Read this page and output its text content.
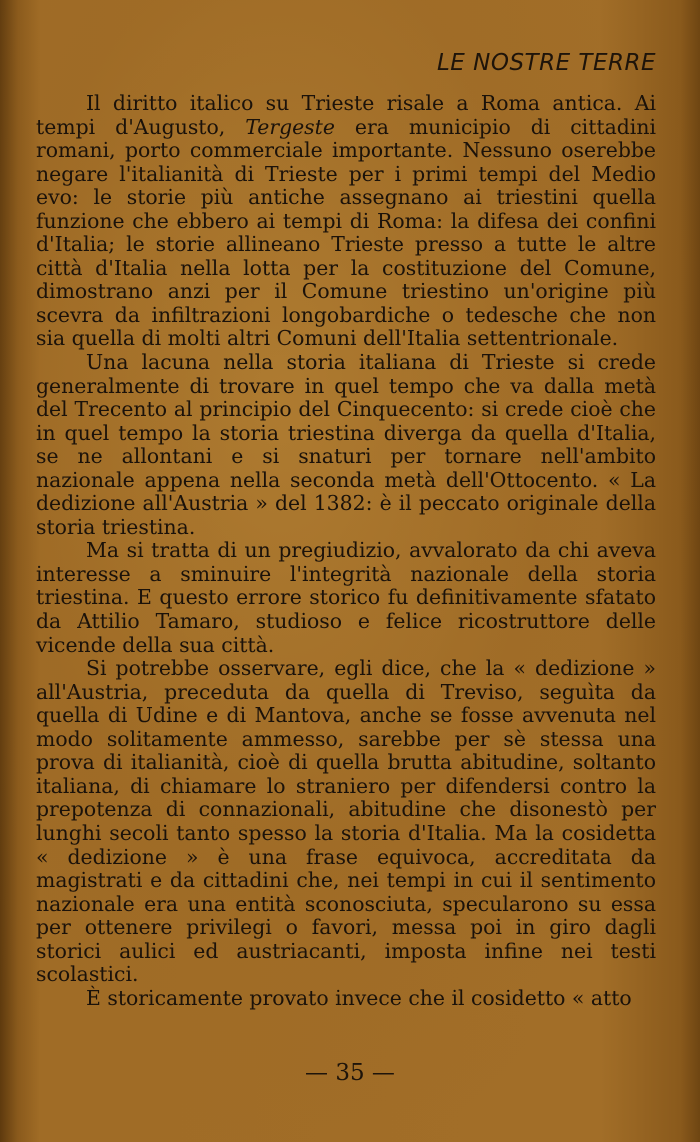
LE NOSTRE TERRE

Il diritto italico su Trieste risale a Roma antica. Ai tempi d'Augusto, Tergeste era municipio di cittadini romani, porto commerciale importante. Nessuno oserebbe negare l'italianità di Trieste per i primi tempi del Medio evo: le storie più antiche assegnano ai triestini quella funzione che ebbero ai tempi di Roma: la difesa dei confini d'Italia; le storie allineano Trieste presso a tutte le altre città d'Italia nella lotta per la costituzione del Comune, dimostrano anzi per il Comune triestino un'origine più scevra da infiltrazioni longobardiche o tedesche che non sia quella di molti altri Comuni dell'Italia settentrionale.

Una lacuna nella storia italiana di Trieste si crede generalmente di trovare in quel tempo che va dalla metà del Trecento al principio del Cinquecento: si crede cioè che in quel tempo la storia triestina diverga da quella d'Italia, se ne allontani e si snaturi per tornare nell'ambito nazionale appena nella seconda metà dell'Ottocento. « La dedizione all'Austria » del 1382: è il peccato originale della storia triestina.

Ma si tratta di un pregiudizio, avvalorato da chi aveva interesse a sminuire l'integrità nazionale della storia triestina. E questo errore storico fu definitivamente sfatato da Attilio Tamaro, studioso e felice ricostruttore delle vicende della sua città.

Si potrebbe osservare, egli dice, che la « dedizione » all'Austria, preceduta da quella di Treviso, seguìta da quella di Udine e di Mantova, anche se fosse avvenuta nel modo solitamente ammesso, sarebbe per sè stessa una prova di italianità, cioè di quella brutta abitudine, soltanto italiana, di chiamare lo straniero per difendersi contro la prepotenza di connazionali, abitudine che disonestò per lunghi secoli tanto spesso la storia d'Italia. Ma la cosidetta « dedizione » è una frase equivoca, accreditata da magistrati e da cittadini che, nei tempi in cui il sentimento nazionale era una entità sconosciuta, specularono su essa per ottenere privilegi o favori, messa poi in giro dagli storici aulici ed austriacanti, imposta infine nei testi scolastici.

È storicamente provato invece che il cosidetto « atto

— 35 —
